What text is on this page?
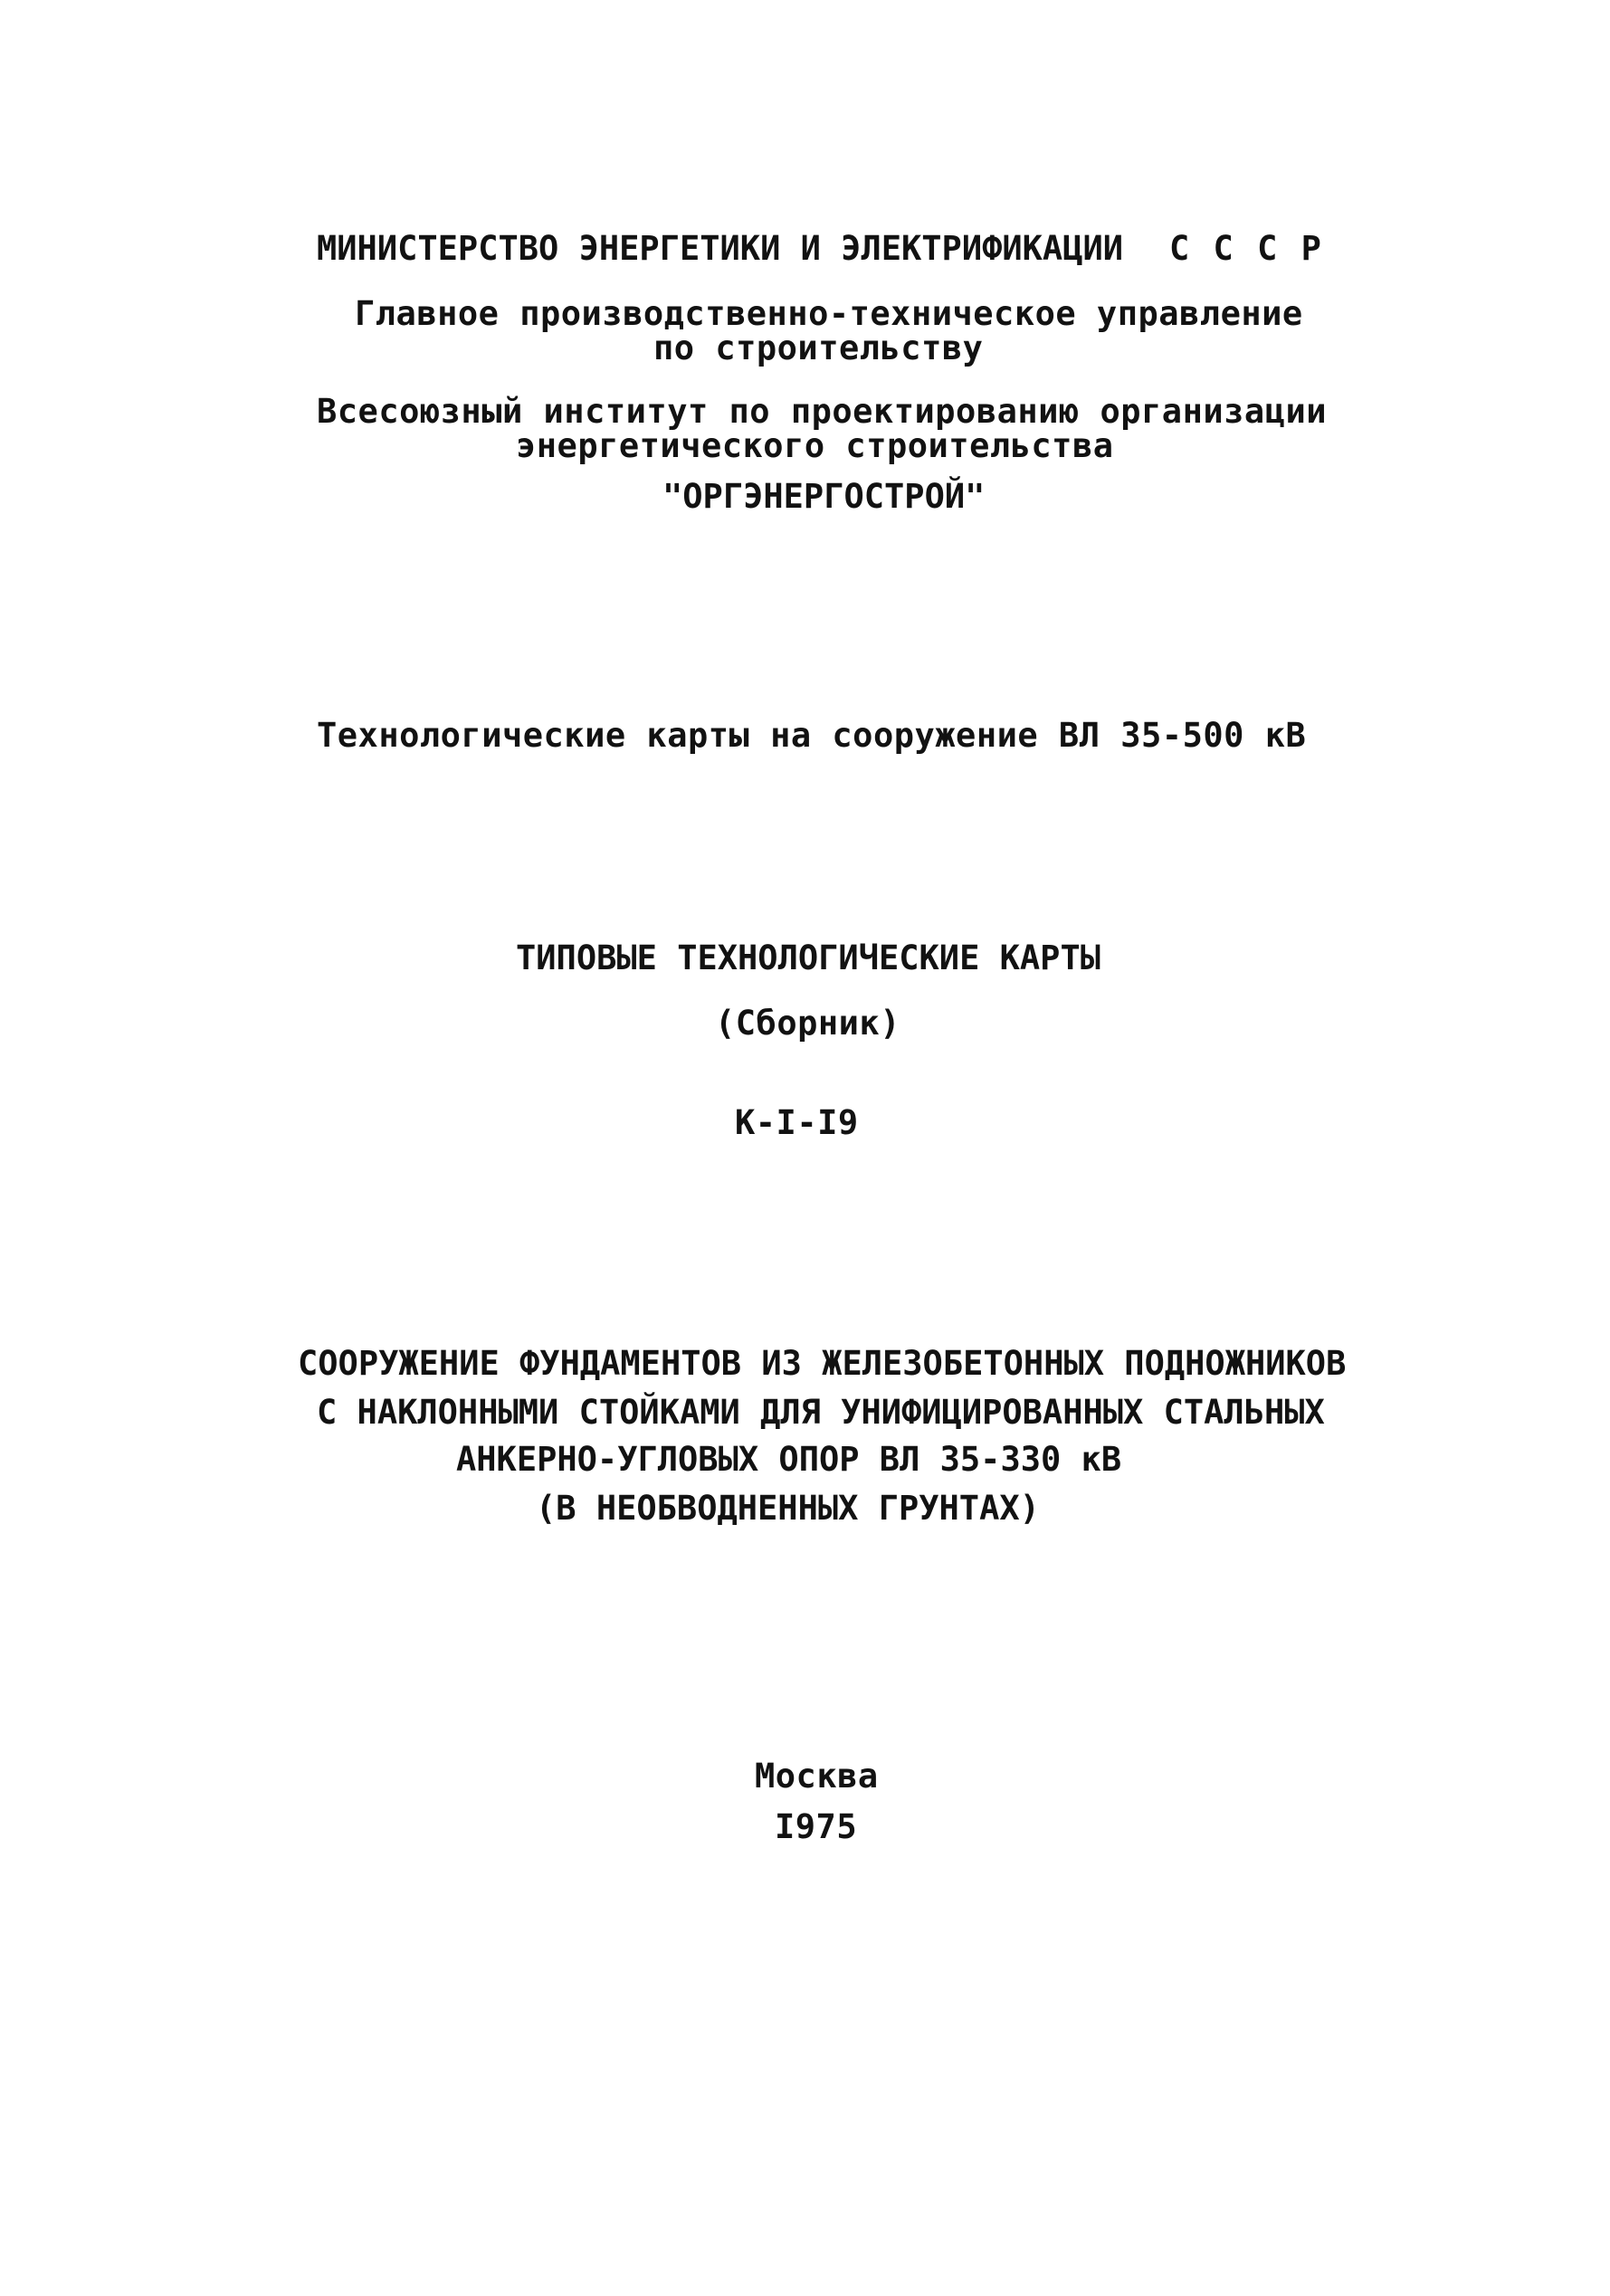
МИНИСТЕРСТВО ЭНЕРГЕТИКИ И ЭЛЕКТРИФИКАЦИИ С С С Р
Главное производственно-техническое управление
по строительству
Всесоюзный институт по проектированию организации
энергетического строительства
"ОРГЭНЕРГОСТРОЙ"
Технологические карты на сооружение ВЛ 35-500 кВ
ТИПОВЫЕ ТЕХНОЛОГИЧЕСКИЕ КАРТЫ
(Сборник)
К-I-I9
СООРУЖЕНИЕ ФУНДАМЕНТОВ ИЗ ЖЕЛЕЗОБЕТОННЫХ ПОДНОЖНИКОВ
С НАКЛОННЫМИ СТОЙКАМИ ДЛЯ УНИФИЦИРОВАННЫХ СТАЛЬНЫХ
АНКЕРНО-УГЛОВЫХ ОПОР ВЛ 35-330 кВ
(В НЕОБВОДНЕННЫХ ГРУНТАХ)
Москва
I975
